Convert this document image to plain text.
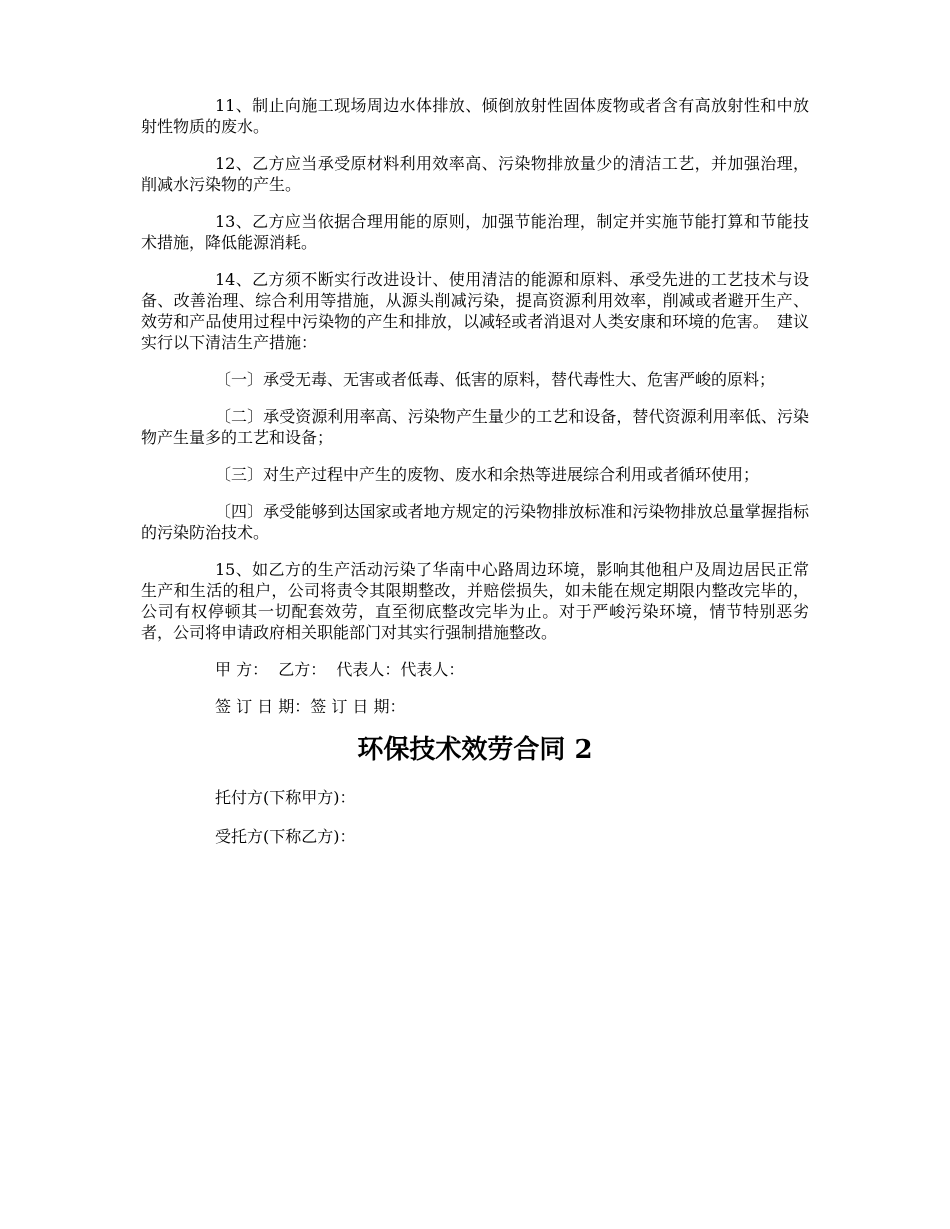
11、制止向施工现场周边水体排放、倾倒放射性固体废物或者含有高放射性和中放射性物质的废水。

12、乙方应当承受原材料利用效率高、污染物排放量少的清洁工艺，并加强治理，削减水污染物的产生。

13、乙方应当依据合理用能的原则，加强节能治理，制定并实施节能打算和节能技术措施，降低能源消耗。

14、乙方须不断实行改进设计、使用清洁的能源和原料、承受先进的工艺技术与设备、改善治理、综合利用等措施，从源头削减污染，提高资源利用效率，削减或者避开生产、效劳和产品使用过程中污染物的产生和排放，以减轻或者消退对人类安康和环境的危害。　建议实行以下清洁生产措施：

〔一〕承受无毒、无害或者低毒、低害的原料，替代毒性大、危害严峻的原料；

〔二〕承受资源利用率高、污染物产生量少的工艺和设备，替代资源利用率低、污染物产生量多的工艺和设备；

〔三〕对生产过程中产生的废物、废水和余热等进展综合利用或者循环使用；

〔四〕承受能够到达国家或者地方规定的污染物排放标准和污染物排放总量掌握指标的污染防治技术。

15、如乙方的生产活动污染了华南中心路周边环境，影响其他租户及周边居民正常生产和生活的租户，公司将责令其限期整改，并赔偿损失，如未能在规定期限内整改完毕的，公司有权停顿其一切配套效劳，直至彻底整改完毕为止。对于严峻污染环境，情节特别恶劣者，公司将申请政府相关职能部门对其实行强制措施整改。

甲 方：  乙方：  代表人：代表人：

签 订 日 期：签 订 日 期：

环保技术效劳合同 2

托付方(下称甲方)：

受托方(下称乙方)：
